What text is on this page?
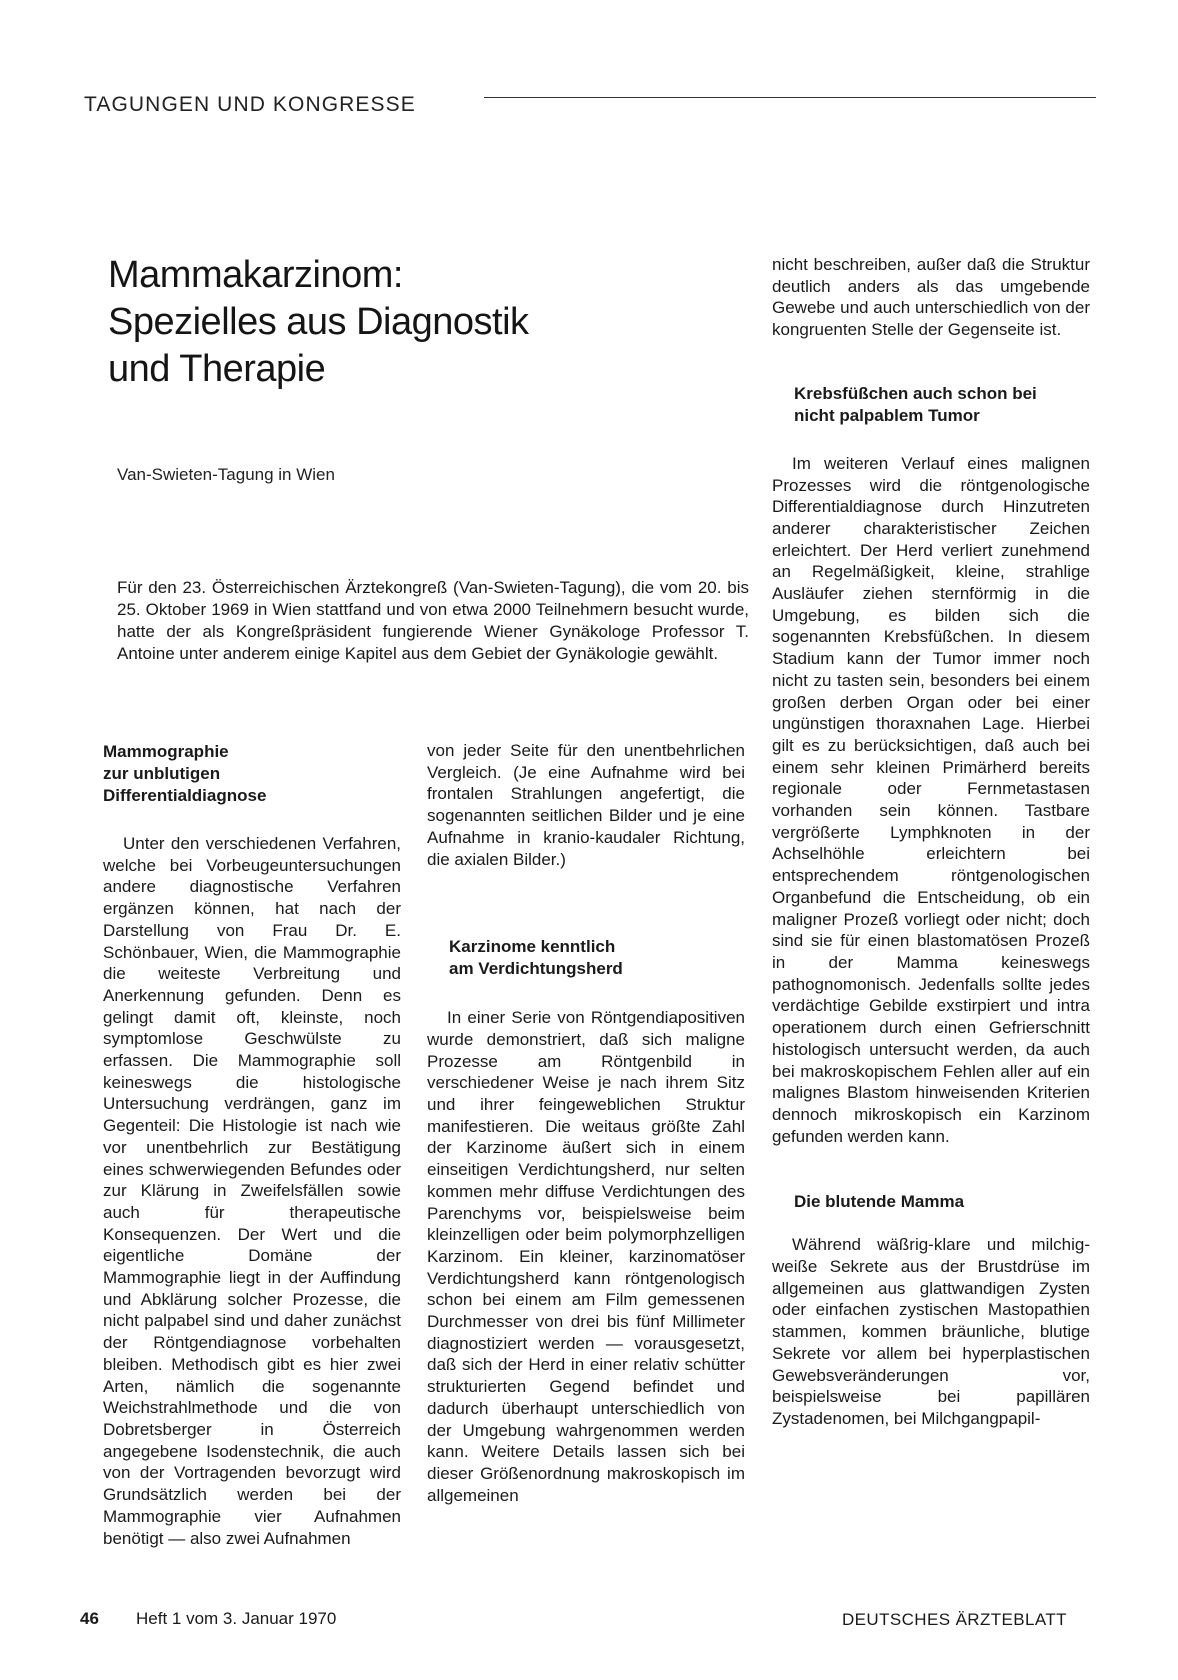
TAGUNGEN UND KONGRESSE
Mammakarzinom:
Spezielles aus Diagnostik
und Therapie
Van-Swieten-Tagung in Wien

Für den 23. Österreichischen Ärztekongreß (Van-Swieten-Tagung), die vom 20. bis 25. Oktober 1969 in Wien stattfand und von etwa 2000 Teilnehmern besucht wurde, hatte der als Kongreßpräsident fungierende Wiener Gynäkologe Professor T. Antoine unter anderem einige Kapitel aus dem Gebiet der Gynäkologie gewählt.

Mammographie
zur unblutigen
Differentialdiagnose

Unter den verschiedenen Verfahren, welche bei Vorbeugeuntersuchungen andere diagnostische Verfahren ergänzen können, hat nach der Darstellung von Frau Dr. E. Schönbauer, Wien, die Mammographie die weiteste Verbreitung und Anerkennung gefunden. Denn es gelingt damit oft, kleinste, noch symptomlose Geschwülste zu erfassen. Die Mammographie soll keineswegs die histologische Untersuchung verdrängen, ganz im Gegenteil: Die Histologie ist nach wie vor unentbehrlich zur Bestätigung eines schwerwiegenden Befundes oder zur Klärung in Zweifelsfällen sowie auch für therapeutische Konsequenzen. Der Wert und die eigentliche Domäne der Mammographie liegt in der Auffindung und Abklärung solcher Prozesse, die nicht palpabel sind und daher zunächst der Röntgendiagnose vorbehalten bleiben. Methodisch gibt es hier zwei Arten, nämlich die sogenannte Weichstrahlmethode und die von Dobretsberger in Österreich angegebene Isodenstechnik, die auch von der Vortragenden bevorzugt wird Grundsätzlich werden bei der Mammographie vier Aufnahmen benötigt — also zwei Aufnahmen

von jeder Seite für den unentbehrlichen Vergleich. (Je eine Aufnahme wird bei frontalen Strahlungen angefertigt, die sogenannten seitlichen Bilder und je eine Aufnahme in kranio-kaudaler Richtung, die axialen Bilder.)

Karzinome kenntlich
am Verdichtungsherd

In einer Serie von Röntgendiapositiven wurde demonstriert, daß sich maligne Prozesse am Röntgenbild in verschiedener Weise je nach ihrem Sitz und ihrer feingeweblichen Struktur manifestieren. Die weitaus größte Zahl der Karzinome äußert sich in einem einseitigen Verdichtungsherd, nur selten kommen mehr diffuse Verdichtungen des Parenchyms vor, beispielsweise beim kleinzelligen oder beim polymorphzelligen Karzinom. Ein kleiner, karzinomatöser Verdichtungsherd kann röntgenologisch schon bei einem am Film gemessenen Durchmesser von drei bis fünf Millimeter diagnostiziert werden — vorausgesetzt, daß sich der Herd in einer relativ schütter strukturierten Gegend befindet und dadurch überhaupt unterschiedlich von der Umgebung wahrgenommen werden kann. Weitere Details lassen sich bei dieser Größenordnung makroskopisch im allgemeinen

nicht beschreiben, außer daß die Struktur deutlich anders als das umgebende Gewebe und auch unterschiedlich von der kongruenten Stelle der Gegenseite ist.

Krebsfüßchen auch schon bei
nicht palpablem Tumor

Im weiteren Verlauf eines malignen Prozesses wird die röntgenologische Differentialdiagnose durch Hinzutreten anderer charakteristischer Zeichen erleichtert. Der Herd verliert zunehmend an Regelmäßigkeit, kleine, strahlige Ausläufer ziehen sternförmig in die Umgebung, es bilden sich die sogenannten Krebsfüßchen. In diesem Stadium kann der Tumor immer noch nicht zu tasten sein, besonders bei einem großen derben Organ oder bei einer ungünstigen thoraxnahen Lage. Hierbei gilt es zu berücksichtigen, daß auch bei einem sehr kleinen Primärherd bereits regionale oder Fernmetastasen vorhanden sein können. Tastbare vergrößerte Lymphknoten in der Achselhöhle erleichtern bei entsprechendem röntgenologischen Organbefund die Entscheidung, ob ein maligner Prozeß vorliegt oder nicht; doch sind sie für einen blastomatösen Prozeß in der Mamma keineswegs pathognomonisch. Jedenfalls sollte jedes verdächtige Gebilde exstirpiert und intra operationem durch einen Gefrierschnitt histologisch untersucht werden, da auch bei makroskopischem Fehlen aller auf ein malignes Blastom hinweisenden Kriterien dennoch mikroskopisch ein Karzinom gefunden werden kann.

Die blutende Mamma

Während wäßrig-klare und milchig-weiße Sekrete aus der Brustdrüse im allgemeinen aus glattwandigen Zysten oder einfachen zystischen Mastopathien stammen, kommen bräunliche, blutige Sekrete vor allem bei hyperplastischen Gewebsveränderungen vor, beispielsweise bei papillären Zystadenomen, bei Milchgangpapil-

46 Heft 1 vom 3. Januar 1970	DEUTSCHES ÄRZTEBLATT
